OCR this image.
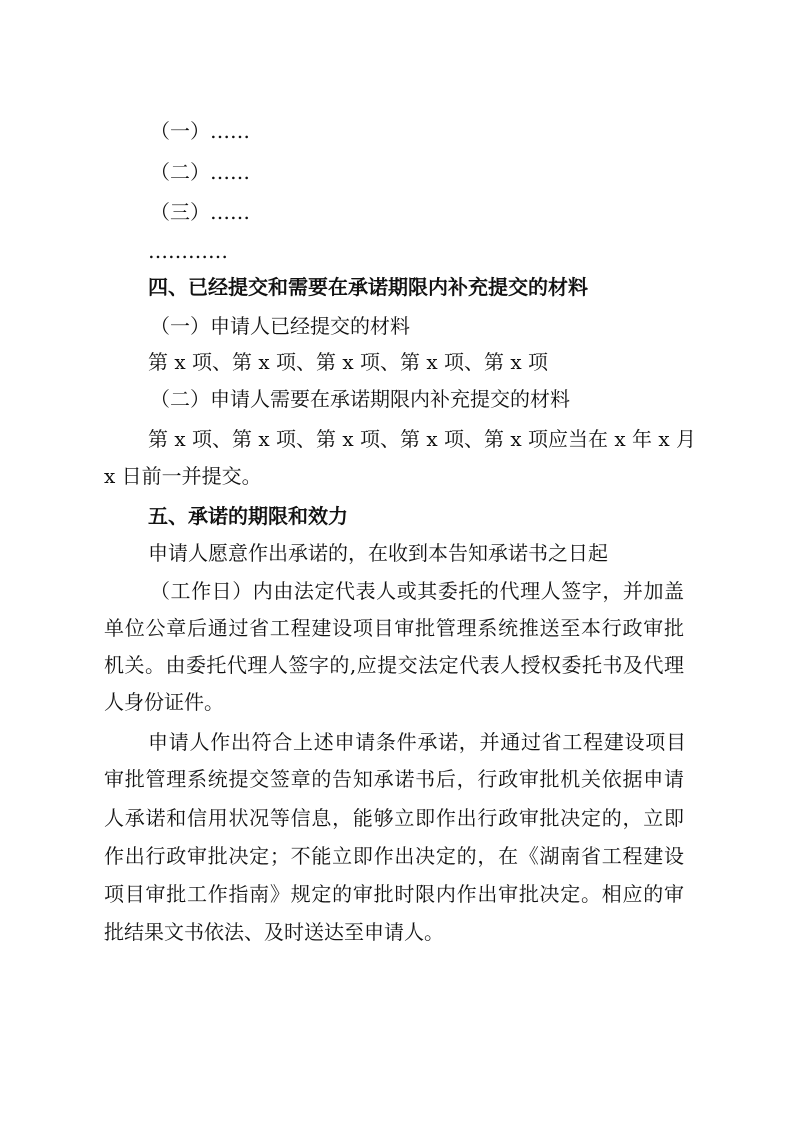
（一）……
（二）……
（三）……
…………
四、已经提交和需要在承诺期限内补充提交的材料
（一）申请人已经提交的材料
第 x 项、第 x 项、第 x 项、第 x 项、第 x 项
（二）申请人需要在承诺期限内补充提交的材料
第 x 项、第 x 项、第 x 项、第 x 项、第 x 项应当在 x 年 x 月
x 日前一并提交。
五、承诺的期限和效力
申请人愿意作出承诺的，在收到本告知承诺书之日起
（工作日）内由法定代表人或其委托的代理人签字，并加盖
单位公章后通过省工程建设项目审批管理系统推送至本行政审批
机关。由委托代理人签字的,应提交法定代表人授权委托书及代理
人身份证件。
申请人作出符合上述申请条件承诺，并通过省工程建设项目
审批管理系统提交签章的告知承诺书后，行政审批机关依据申请
人承诺和信用状况等信息，能够立即作出行政审批决定的，立即
作出行政审批决定；不能立即作出决定的，在《湖南省工程建设
项目审批工作指南》规定的审批时限内作出审批决定。相应的审
批结果文书依法、及时送达至申请人。
